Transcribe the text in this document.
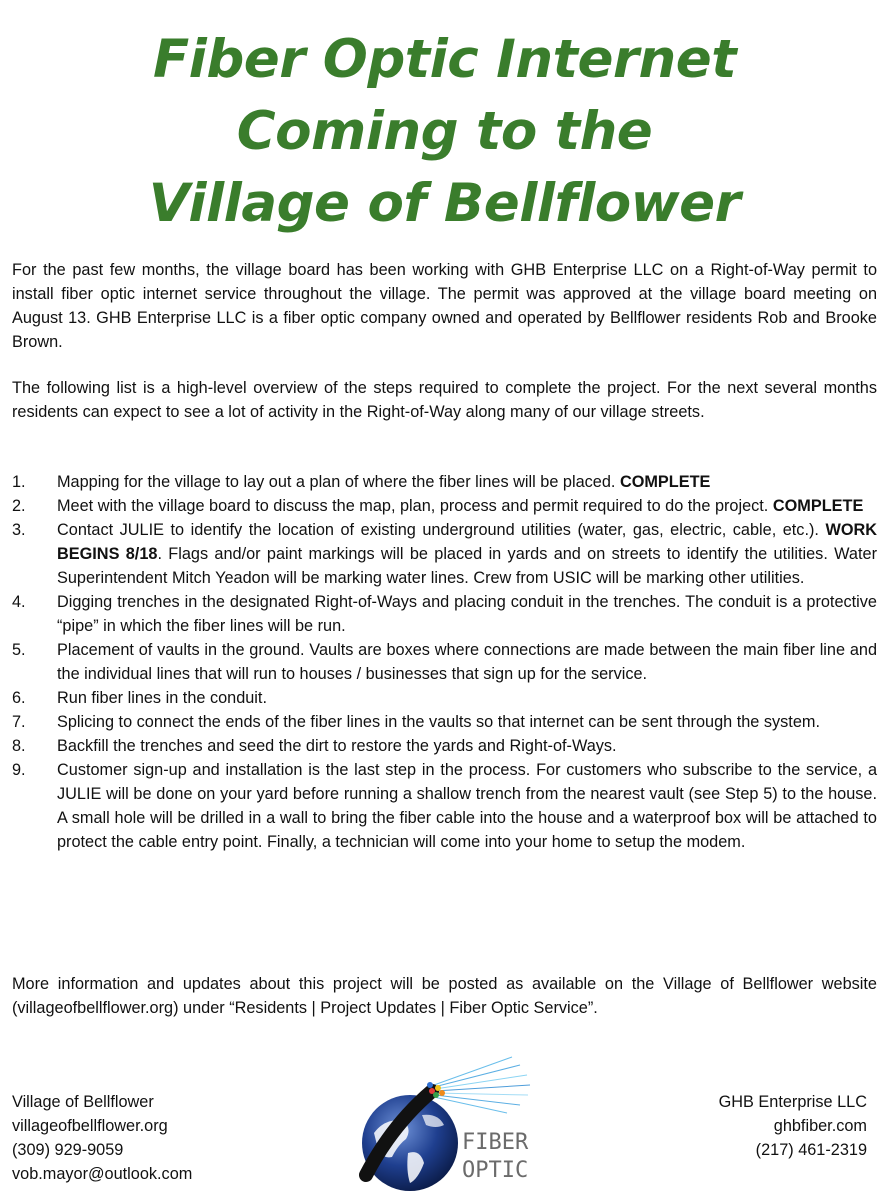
Fiber Optic Internet
Coming to the
Village of Bellflower
For the past few months, the village board has been working with GHB Enterprise LLC on a Right-of-Way permit to install fiber optic internet service throughout the village. The permit was approved at the village board meeting on August 13. GHB Enterprise LLC is a fiber optic company owned and operated by Bellflower residents Rob and Brooke Brown.
The following list is a high-level overview of the steps required to complete the project. For the next several months residents can expect to see a lot of activity in the Right-of-Way along many of our village streets.
1. Mapping for the village to lay out a plan of where the fiber lines will be placed. COMPLETE
2. Meet with the village board to discuss the map, plan, process and permit required to do the project. COMPLETE
3. Contact JULIE to identify the location of existing underground utilities (water, gas, electric, cable, etc.). WORK BEGINS 8/18. Flags and/or paint markings will be placed in yards and on streets to identify the utilities. Water Superintendent Mitch Yeadon will be marking water lines. Crew from USIC will be marking other utilities.
4. Digging trenches in the designated Right-of-Ways and placing conduit in the trenches. The conduit is a protective “pipe” in which the fiber lines will be run.
5. Placement of vaults in the ground. Vaults are boxes where connections are made between the main fiber line and the individual lines that will run to houses / businesses that sign up for the service.
6. Run fiber lines in the conduit.
7. Splicing to connect the ends of the fiber lines in the vaults so that internet can be sent through the system.
8. Backfill the trenches and seed the dirt to restore the yards and Right-of-Ways.
9. Customer sign-up and installation is the last step in the process. For customers who subscribe to the service, a JULIE will be done on your yard before running a shallow trench from the nearest vault (see Step 5) to the house. A small hole will be drilled in a wall to bring the fiber cable into the house and a waterproof box will be attached to protect the cable entry point. Finally, a technician will come into your home to setup the modem.
More information and updates about this project will be posted as available on the Village of Bellflower website (villageofbellflower.org) under “Residents | Project Updates | Fiber Optic Service”.
Village of Bellflower
villageofbellflower.org
(309) 929-9059
vob.mayor@outlook.com
FIBER
OPTIC
GHB Enterprise LLC
ghbfiber.com
(217) 461-2319
